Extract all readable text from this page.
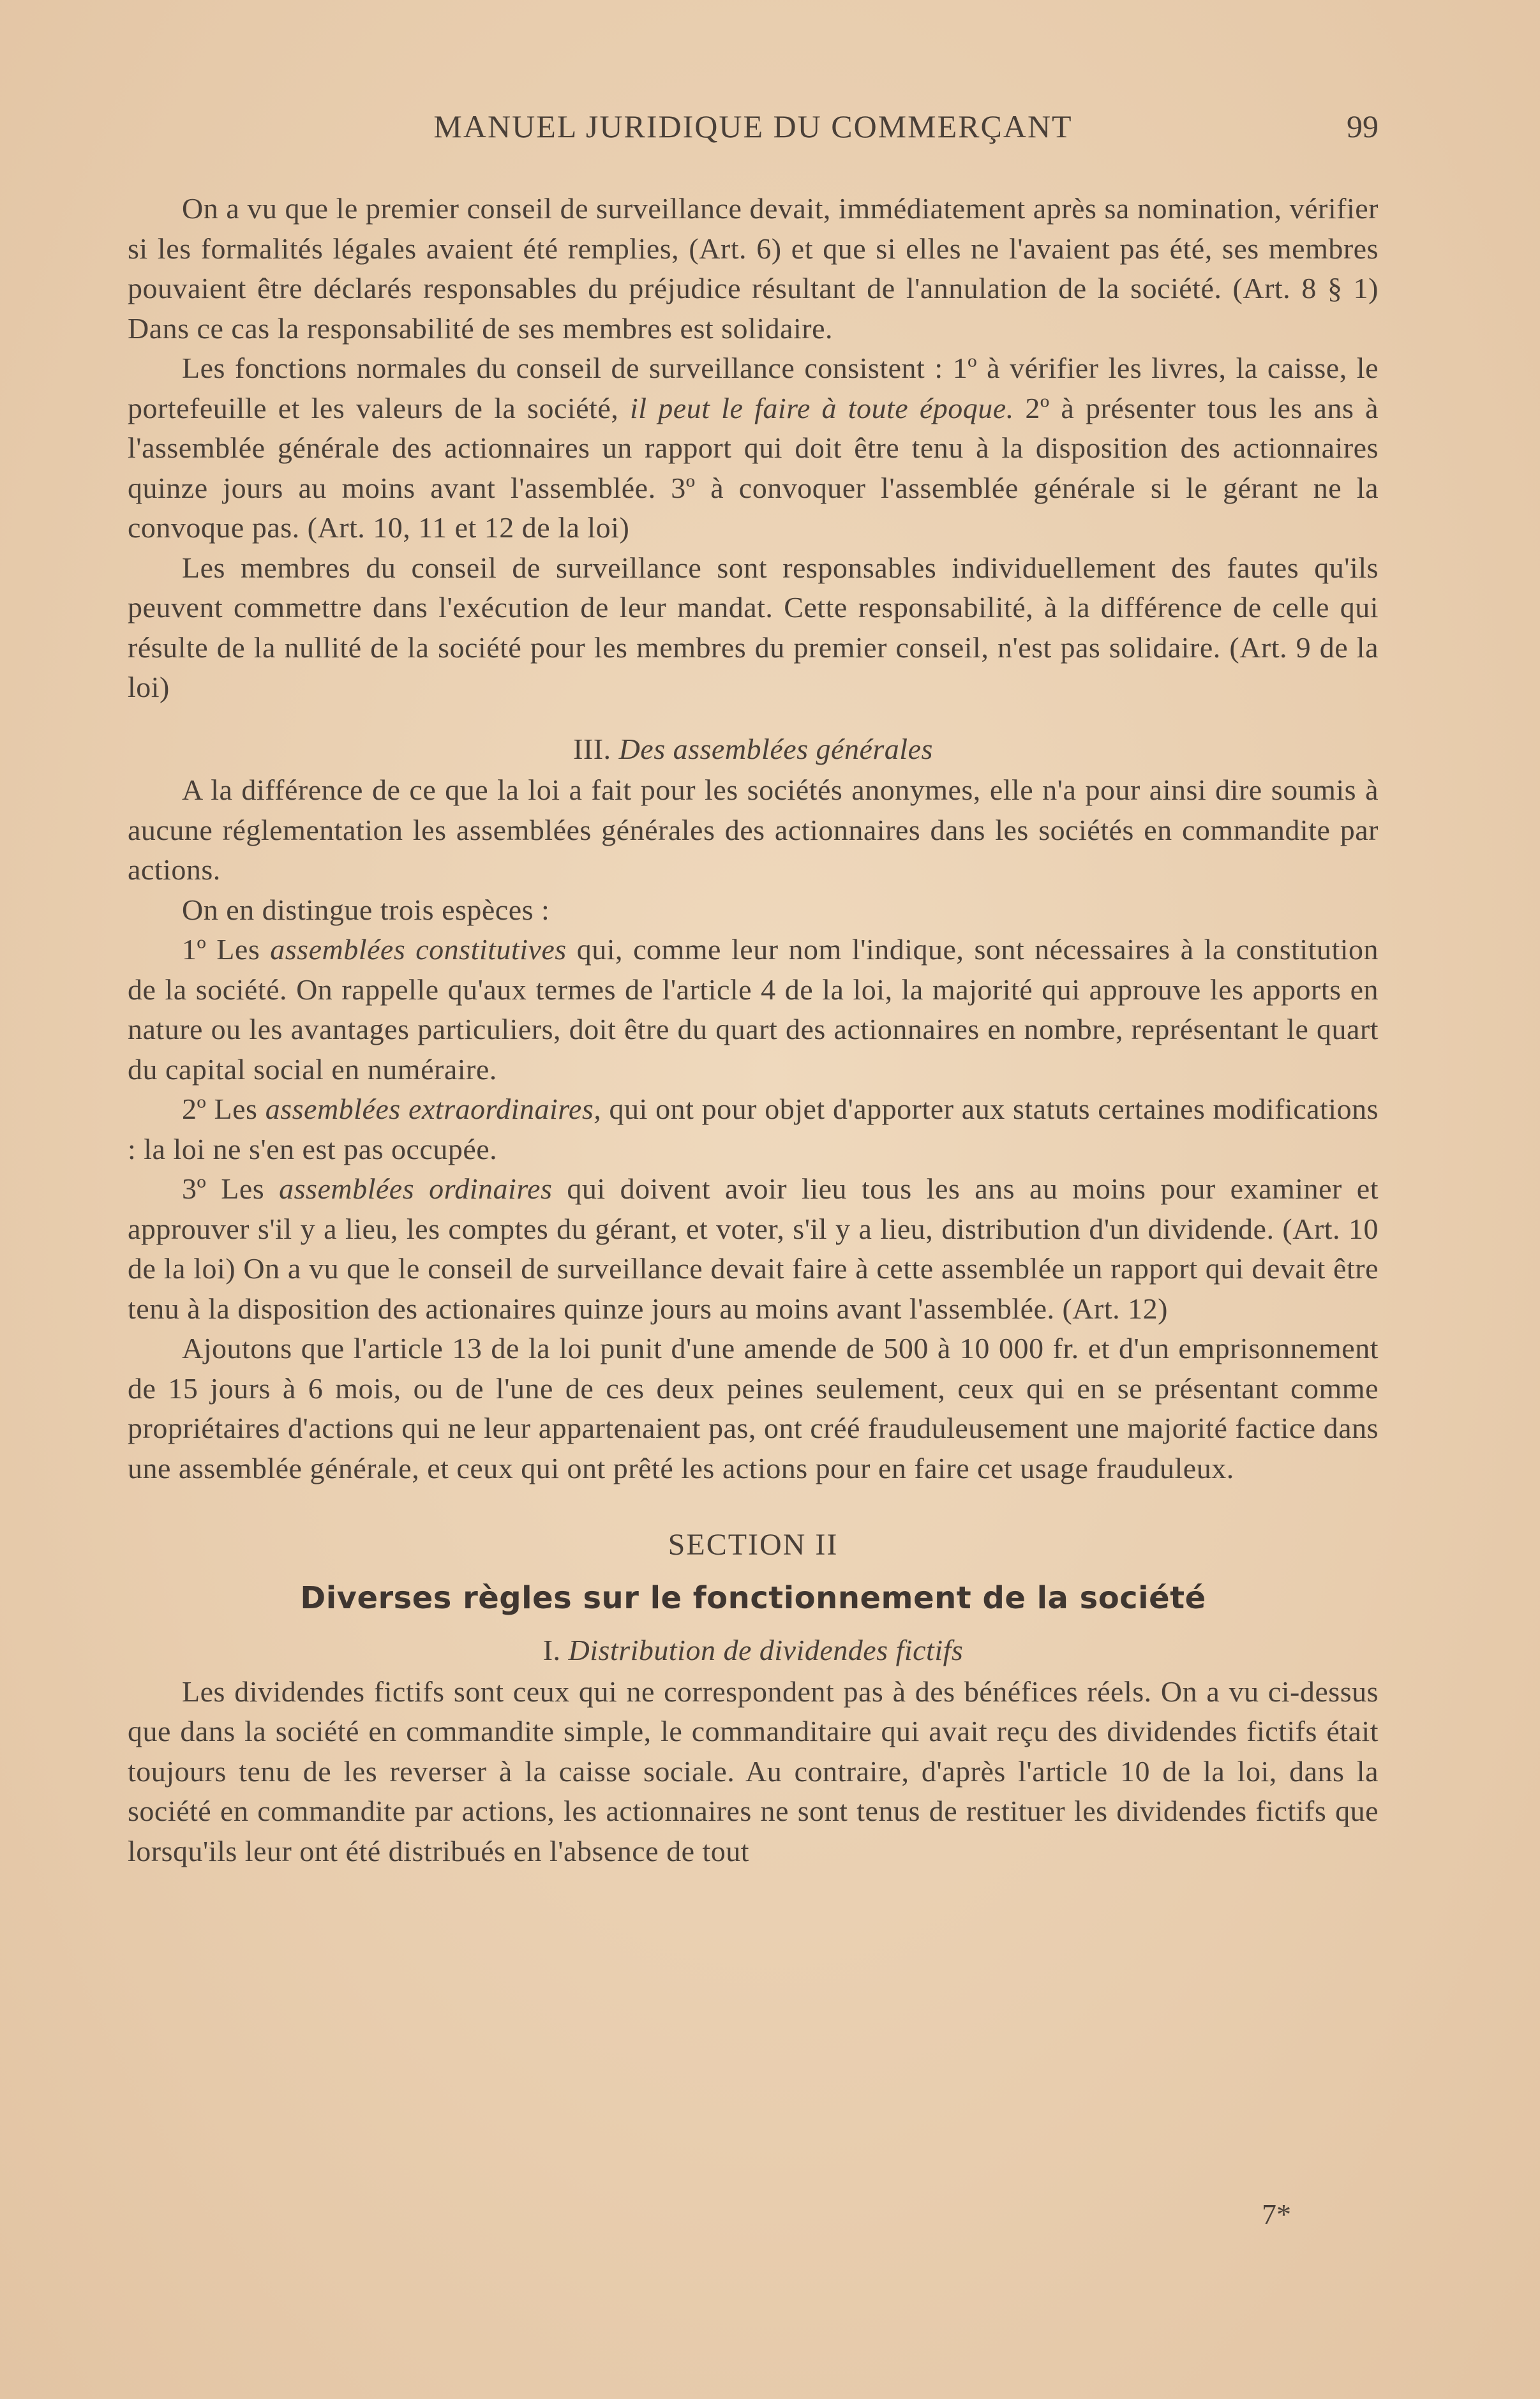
MANUEL JURIDIQUE DU COMMERÇANT	99

On a vu que le premier conseil de surveillance devait, immédiatement après sa nomination, vérifier si les formalités légales avaient été remplies, (Art. 6) et que si elles ne l'avaient pas été, ses membres pouvaient être déclarés responsables du préjudice résultant de l'annulation de la société. (Art. 8 § 1) Dans ce cas la responsabilité de ses membres est solidaire.

Les fonctions normales du conseil de surveillance consistent : 1º à vérifier les livres, la caisse, le portefeuille et les valeurs de la société, il peut le faire à toute époque. 2º à présenter tous les ans à l'assemblée générale des actionnaires un rapport qui doit être tenu à la disposition des actionnaires quinze jours au moins avant l'assemblée. 3º à convoquer l'assemblée générale si le gérant ne la convoque pas. (Art. 10, 11 et 12 de la loi)

Les membres du conseil de surveillance sont responsables individuellement des fautes qu'ils peuvent commettre dans l'exécution de leur mandat. Cette responsabilité, à la différence de celle qui résulte de la nullité de la société pour les membres du premier conseil, n'est pas solidaire. (Art. 9 de la loi)

III. Des assemblées générales

A la différence de ce que la loi a fait pour les sociétés anonymes, elle n'a pour ainsi dire soumis à aucune réglementation les assemblées générales des actionnaires dans les sociétés en commandite par actions.

On en distingue trois espèces :

1º Les assemblées constitutives qui, comme leur nom l'indique, sont nécessaires à la constitution de la société. On rappelle qu'aux termes de l'article 4 de la loi, la majorité qui approuve les apports en nature ou les avantages particuliers, doit être du quart des actionnaires en nombre, représentant le quart du capital social en numéraire.

2º Les assemblées extraordinaires, qui ont pour objet d'apporter aux statuts certaines modifications : la loi ne s'en est pas occupée.

3º Les assemblées ordinaires qui doivent avoir lieu tous les ans au moins pour examiner et approuver s'il y a lieu, les comptes du gérant, et voter, s'il y a lieu, distribution d'un dividende. (Art. 10 de la loi) On a vu que le conseil de surveillance devait faire à cette assemblée un rapport qui devait être tenu à la disposition des actionaires quinze jours au moins avant l'assemblée. (Art. 12)

Ajoutons que l'article 13 de la loi punit d'une amende de 500 à 10 000 fr. et d'un emprisonnement de 15 jours à 6 mois, ou de l'une de ces deux peines seulement, ceux qui en se présentant comme propriétaires d'actions qui ne leur appartenaient pas, ont créé frauduleusement une majorité factice dans une assemblée générale, et ceux qui ont prêté les actions pour en faire cet usage frauduleux.

SECTION II
Diverses règles sur le fonctionnement de la société
I. Distribution de dividendes fictifs

Les dividendes fictifs sont ceux qui ne correspondent pas à des bénéfices réels. On a vu ci-dessus que dans la société en commandite simple, le commanditaire qui avait reçu des dividendes fictifs était toujours tenu de les reverser à la caisse sociale. Au contraire, d'après l'article 10 de la loi, dans la société en commandite par actions, les actionnaires ne sont tenus de restituer les dividendes fictifs que lorsqu'ils leur ont été distribués en l'absence de tout

7*
